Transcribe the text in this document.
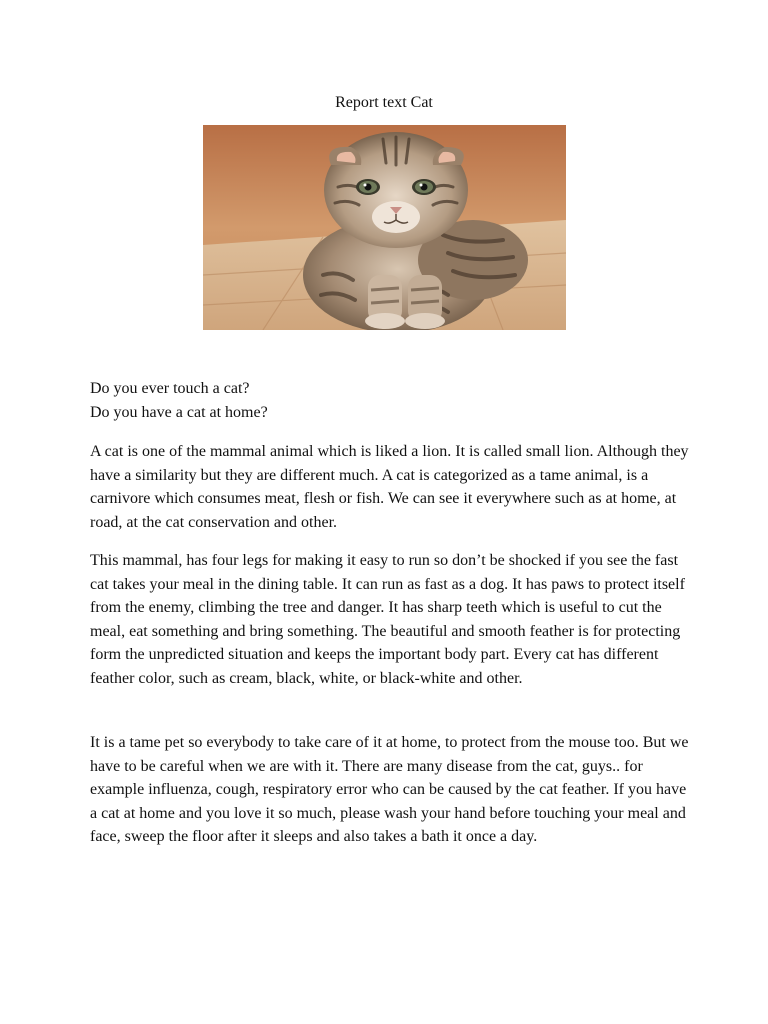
Report text Cat
Do you ever touch a cat?
Do you have a cat at home?

A cat is one of the mammal animal which is liked a lion. It is called small lion. Although they have a similarity but they are different much. A cat is categorized as a tame animal, is a carnivore which consumes meat, flesh or fish. We can see it everywhere such as at home, at road, at the cat conservation and other.

This mammal, has four legs for making it easy to run so don’t be shocked if you see the fast cat takes your meal in the dining table. It can run as fast as a dog. It has paws to protect itself from the enemy, climbing the tree and danger. It has sharp teeth which is useful to cut the meal, eat something and bring something. The beautiful and smooth feather is for protecting form the unpredicted situation and keeps the important body part. Every cat has different feather color, such as cream, black, white, or black-white and other.

It is a tame pet so everybody to take care of it at home, to protect from the mouse too. But we have to be careful when we are with it. There are many disease from the cat, guys.. for example influenza, cough, respiratory error who can be caused by the cat feather. If you have a cat at home and you love it so much, please wash your hand before touching your meal and face, sweep the floor after it sleeps and also takes a bath it once a day.
